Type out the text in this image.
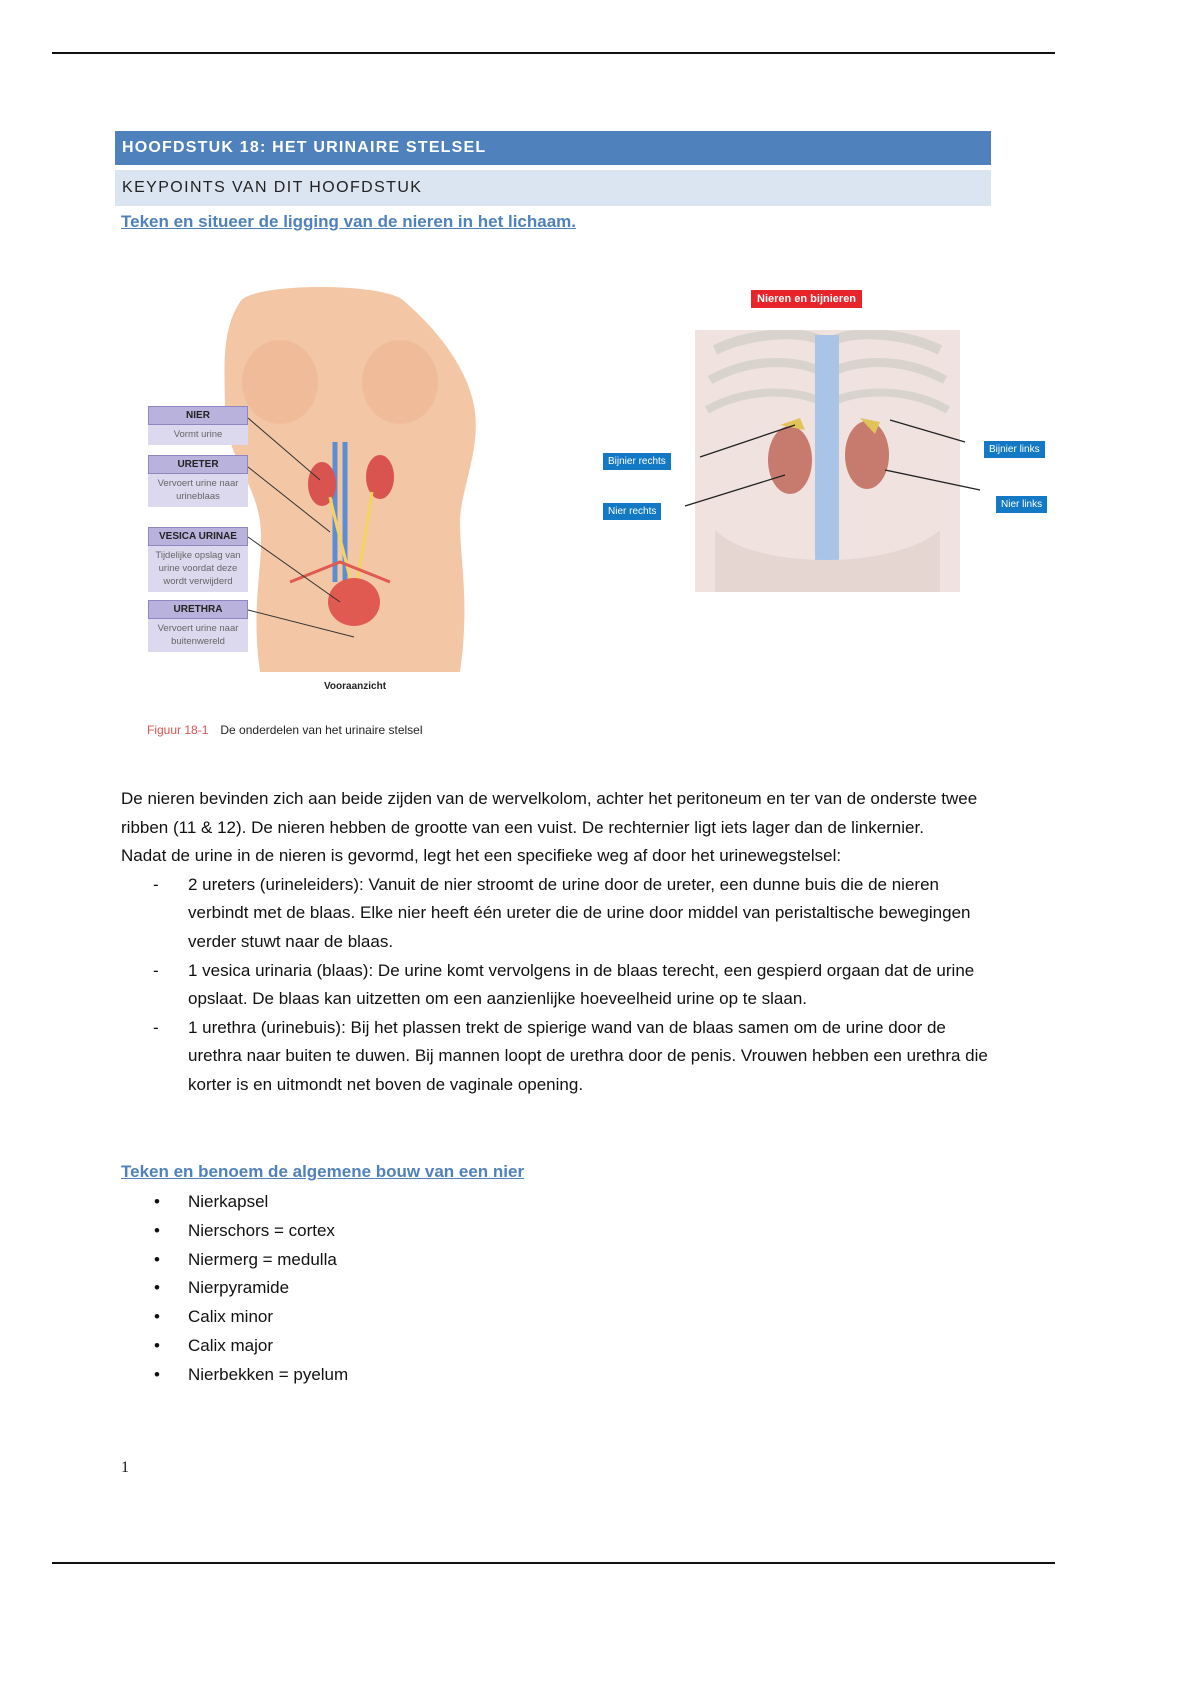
HOOFDSTUK 18: HET URINAIRE STELSEL
KEYPOINTS VAN DIT HOOFDSTUK
Teken en situeer de ligging van de nieren in het lichaam.
NIER
Vormt urine
URETER
Vervoert urine naar urineblaas
VESICA URINAE
Tijdelijke opslag van urine voordat deze wordt verwijderd
URETHRA
Vervoert urine naar buitenwereld
Vooraanzicht
Figuur 18-1 De onderdelen van het urinaire stelsel
Nieren en bijnieren
Bijnier rechts
Nier rechts
Bijnier links
Nier links

De nieren bevinden zich aan beide zijden van de wervelkolom, achter het peritoneum en ter van de onderste twee ribben (11 & 12). De nieren hebben de grootte van een vuist. De rechternier ligt iets lager dan de linkernier.

Nadat de urine in de nieren is gevormd, legt het een specifieke weg af door het urinewegstelsel:

- 2 ureters (urineleiders): Vanuit de nier stroomt de urine door de ureter, een dunne buis die de nieren verbindt met de blaas. Elke nier heeft één ureter die de urine door middel van peristaltische bewegingen verder stuwt naar de blaas.
- 1 vesica urinaria (blaas): De urine komt vervolgens in de blaas terecht, een gespierd orgaan dat de urine opslaat. De blaas kan uitzetten om een aanzienlijke hoeveelheid urine op te slaan.
- 1 urethra (urinebuis): Bij het plassen trekt de spierige wand van de blaas samen om de urine door de urethra naar buiten te duwen. Bij mannen loopt de urethra door de penis. Vrouwen hebben een urethra die korter is en uitmondt net boven de vaginale opening.
Teken en benoem de algemene bouw van een nier
• Nierkapsel
• Nierschors = cortex
• Niermerg = medulla
• Nierpyramide
• Calix minor
• Calix major
• Nierbekken = pyelum
1
